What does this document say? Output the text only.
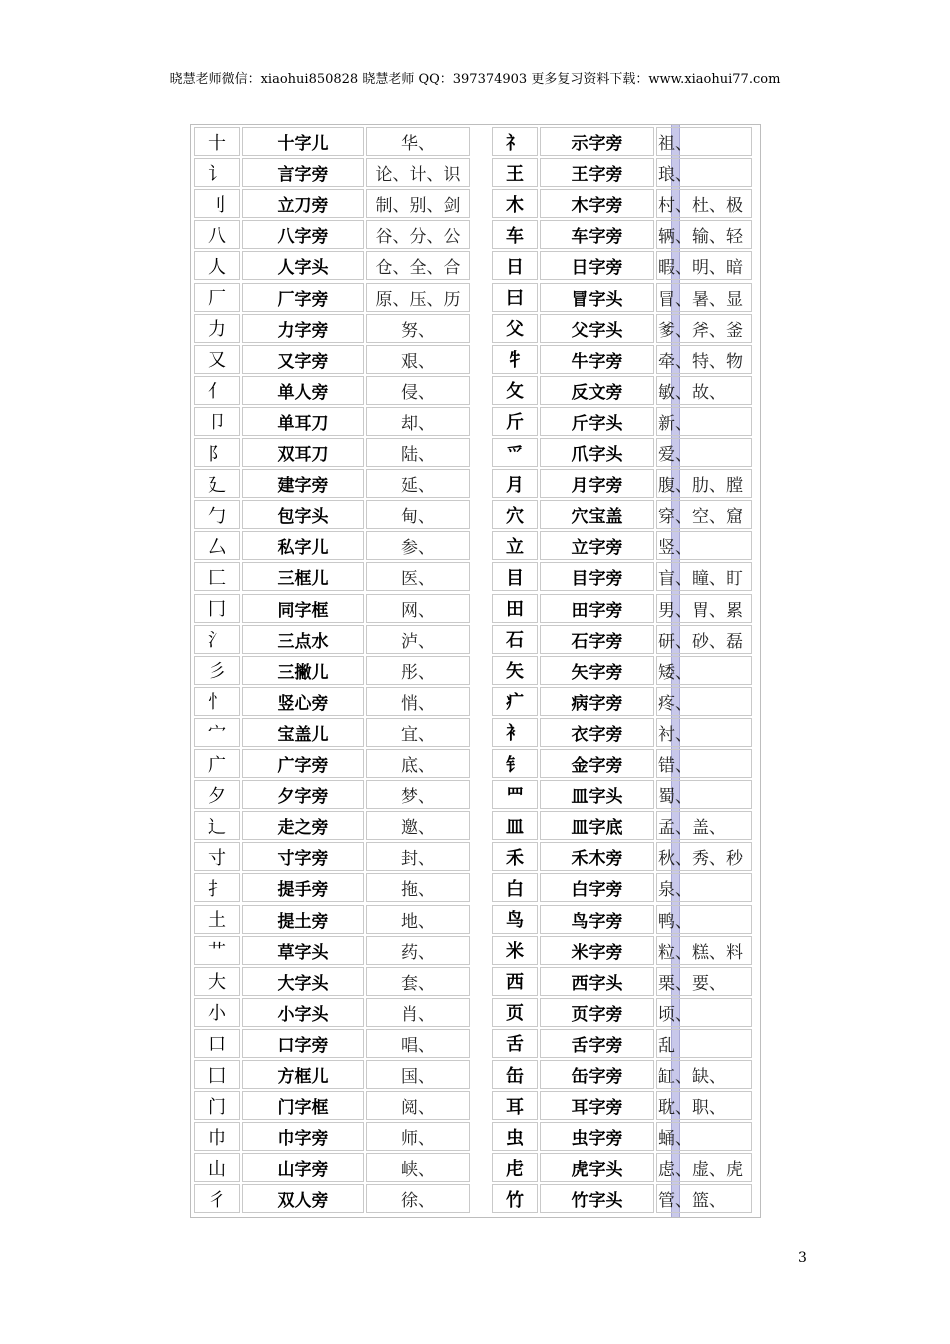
晓慧老师微信：xiaohui850828 晓慧老师 QQ：397374903 更多复习资料下载：www.xiaohui77.com
十	十字儿	华、	礻	示字旁	祖、
讠	言字旁	论、计、识	王	王字旁	琅、
刂	立刀旁	制、别、剑	木	木字旁	村、杜、极
八	八字旁	谷、分、公	车	车字旁	辆、输、轻
人	人字头	仓、全、合	日	日字旁	暇、明、暗
厂	厂字旁	原、压、历	曰	冒字头	冒、暑、显
力	力字旁	努、	父	父字头	爹、斧、釜
又	又字旁	艰、	牜	牛字旁	牵、特、物
亻	单人旁	侵、	攵	反文旁	敏、故、
卩	单耳刀	却、	斤	斤字头	新、
阝	双耳刀	陆、	爫	爪字头	爱、
廴	建字旁	延、	月	月字旁	腹、肋、膛
勹	包字头	甸、	穴	穴宝盖	穿、空、窟
厶	私字儿	参、	立	立字旁	竖、
匚	三框儿	医、	目	目字旁	盲、瞳、盯
冂	同字框	网、	田	田字旁	男、胃、累
氵	三点水	泸、	石	石字旁	研、砂、磊
彡	三撇儿	彤、	矢	矢字旁	矮、
忄	竖心旁	悄、	疒	病字旁	疼、
宀	宝盖儿	宜、	衤	衣字旁	衬、
广	广字旁	底、	钅	金字旁	错、
夕	夕字旁	梦、	罒	皿字头	蜀、
辶	走之旁	邀、	皿	皿字底	孟、盖、
寸	寸字旁	封、	禾	禾木旁	秋、秀、秒
扌	提手旁	拖、	白	白字旁	泉、
土	提土旁	地、	鸟	鸟字旁	鸭、
艹	草字头	药、	米	米字旁	粒、糕、料
大	大字头	套、	西	西字头	栗、要、
小	小字头	肖、	页	页字旁	顷、
口	口字旁	唱、	舌	舌字旁	乱
囗	方框儿	国、	缶	缶字旁	缸、缺、
门	门字框	阅、	耳	耳字旁	耽、职、
巾	巾字旁	师、	虫	虫字旁	蛹、
山	山字旁	峡、	虍	虎字头	虑、虚、虎
彳	双人旁	徐、	竹	竹字头	管、篮、
3
